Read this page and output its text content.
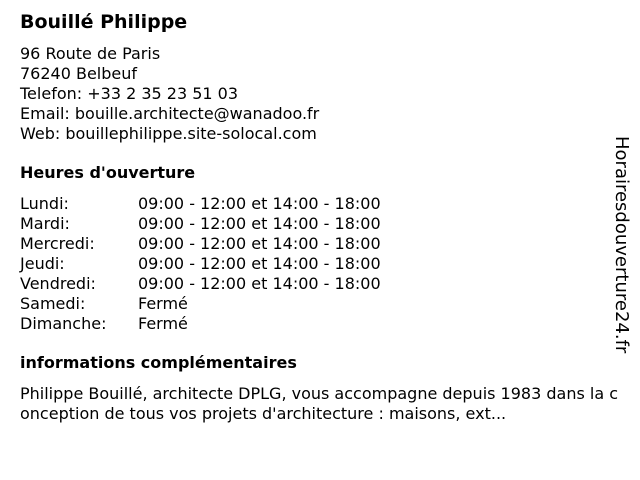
Bouillé Philippe
96 Route de Paris
76240 Belbeuf
Telefon: +33 2 35 23 51 03
Email: bouille.architecte@wanadoo.fr
Web: bouillephilippe.site-solocal.com
Heures d'ouverture
Lundi:	09:00 - 12:00 et 14:00 - 18:00
Mardi:	09:00 - 12:00 et 14:00 - 18:00
Mercredi:	09:00 - 12:00 et 14:00 - 18:00
Jeudi:	09:00 - 12:00 et 14:00 - 18:00
Vendredi:	09:00 - 12:00 et 14:00 - 18:00
Samedi:	Fermé
Dimanche:	Fermé
informations complémentaires
Philippe Bouillé, architecte DPLG, vous accompagne depuis 1983 dans la conception de tous vos projets d'architecture : maisons, ext...
Horairesdouverture24.fr
